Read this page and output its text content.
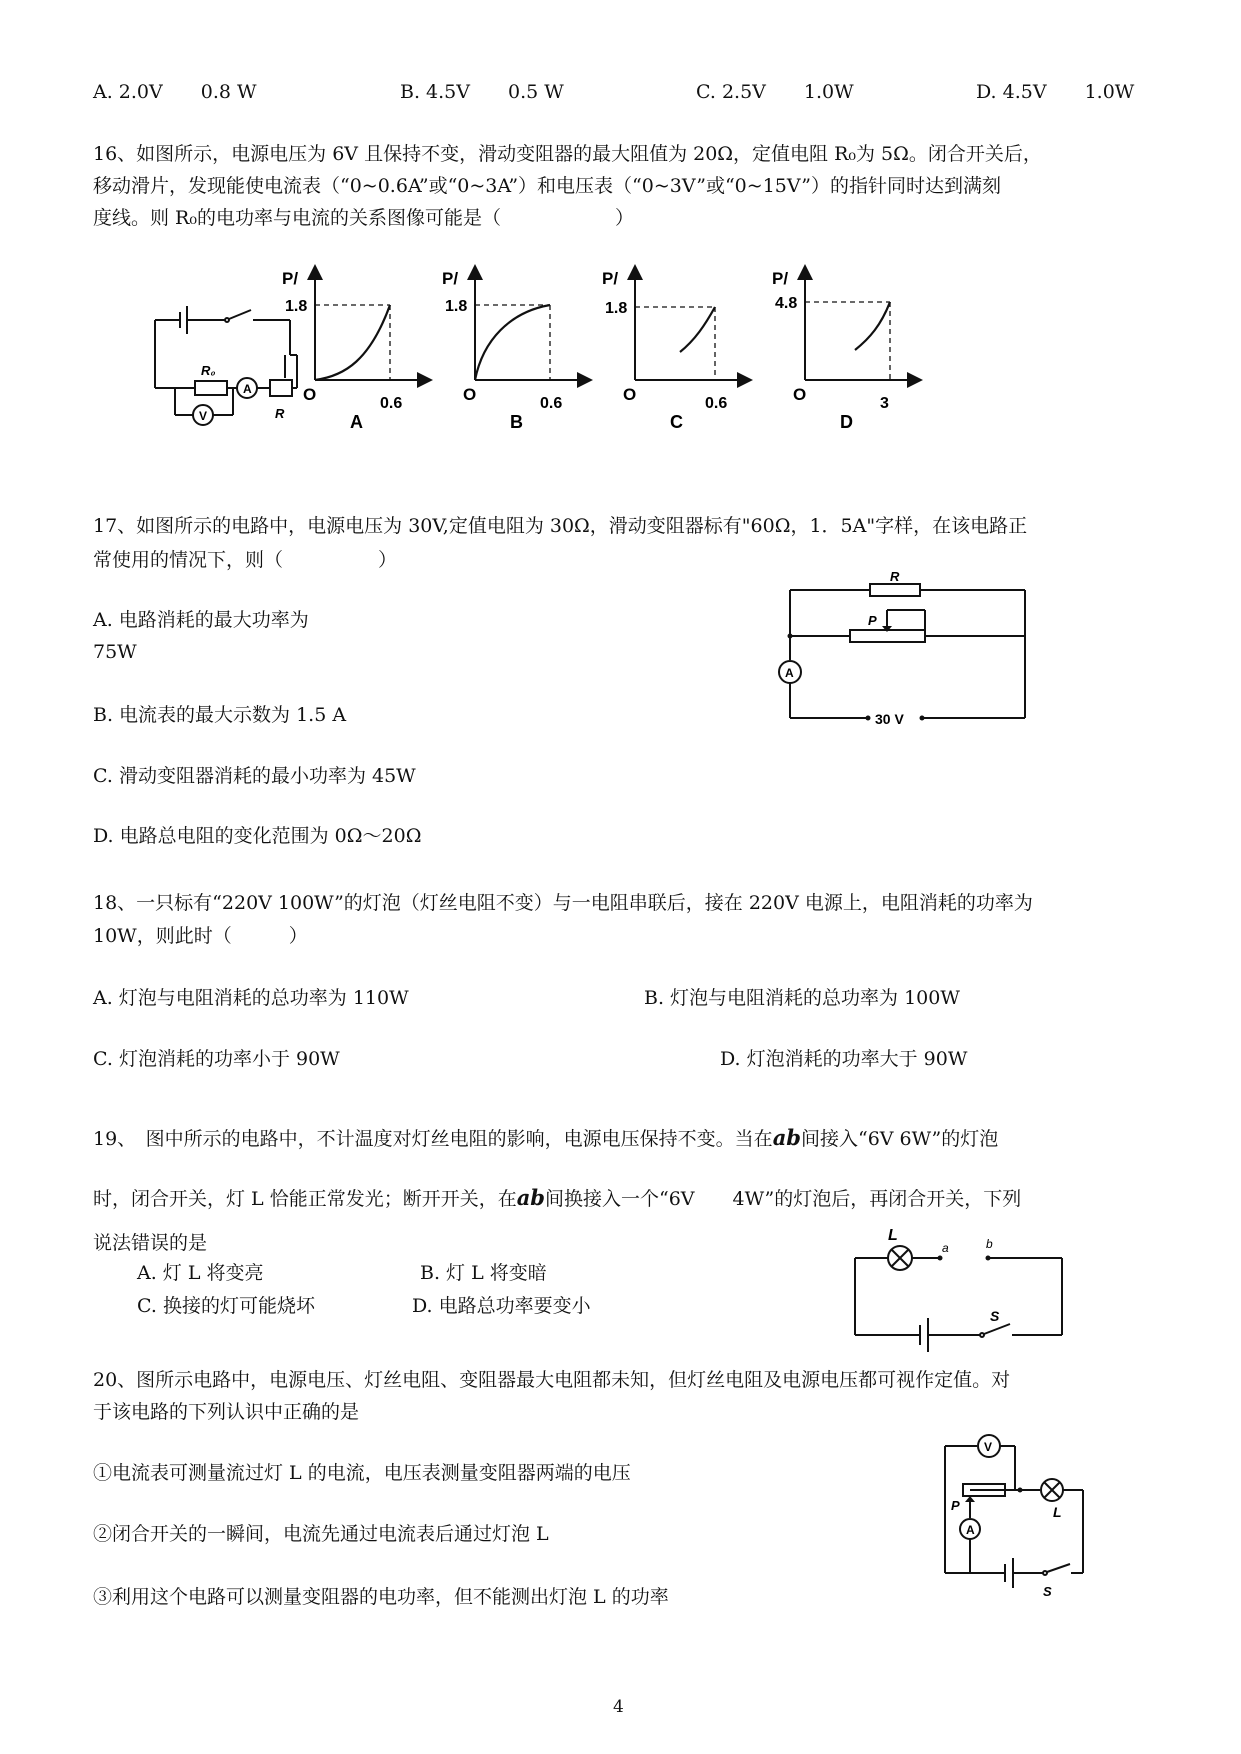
A. 2.0V　　0.8 W	B. 4.5V　　0.5 W	C. 2.5V　　1.0W	D. 4.5V　　1.0W
16、如图所示，电源电压为 6V 且保持不变，滑动变阻器的最大阻值为 20Ω，定值电阻 R₀为 5Ω。闭合开关后，
移动滑片，发现能使电流表（“0~0.6A”或“0~3A”）和电压表（“0~3V”或“0~15V”）的指针同时达到满刻
度线。则 R₀的电功率与电流的关系图像可能是（　　　　　　）
R₀
A
R
V
P/
1.8
O	0.6
A
P/
1.8
O	0.6
B
P/
1.8
O	0.6
C
P/
4.8
O	3
D
17、如图所示的电路中，电源电压为 30V,定值电阻为 30Ω，滑动变阻器标有"60Ω，1．5A"字样，在该电路正
常使用的情况下，则（　　　　　）
A. 电路消耗的最大功率为
75W
B. 电流表的最大示数为 1.5 A
C. 滑动变阻器消耗的最小功率为 45W
D. 电路总电阻的变化范围为 0Ω～20Ω
R
P
A
30 V
18、一只标有“220V 100W”的灯泡（灯丝电阻不变）与一电阻串联后，接在 220V 电源上，电阻消耗的功率为
10W，则此时（　　　）
A. 灯泡与电阻消耗的总功率为 110W	B. 灯泡与电阻消耗的总功率为 100W
C. 灯泡消耗的功率小于 90W	D. 灯泡消耗的功率大于 90W
19、　图中所示的电路中，不计温度对灯丝电阻的影响，电源电压保持不变。当在ab间接入“6V 6W”的灯泡
时，闭合开关，灯 L 恰能正常发光；断开开关，在ab间换接入一个“6V　　4W”的灯泡后，再闭合开关，下列
说法错误的是
A. 灯 L 将变亮	B. 灯 L 将变暗
C. 换接的灯可能烧坏	D. 电路总功率要变小
L
a	b
S
20、图所示电路中，电源电压、灯丝电阻、变阻器最大电阻都未知，但灯丝电阻及电源电压都可视作定值。对
于该电路的下列认识中正确的是
①电流表可测量流过灯 L 的电流，电压表测量变阻器两端的电压
②闭合开关的一瞬间，电流先通过电流表后通过灯泡 L
③利用这个电路可以测量变阻器的电功率，但不能测出灯泡 L 的功率
V
P
A
L
S
4
